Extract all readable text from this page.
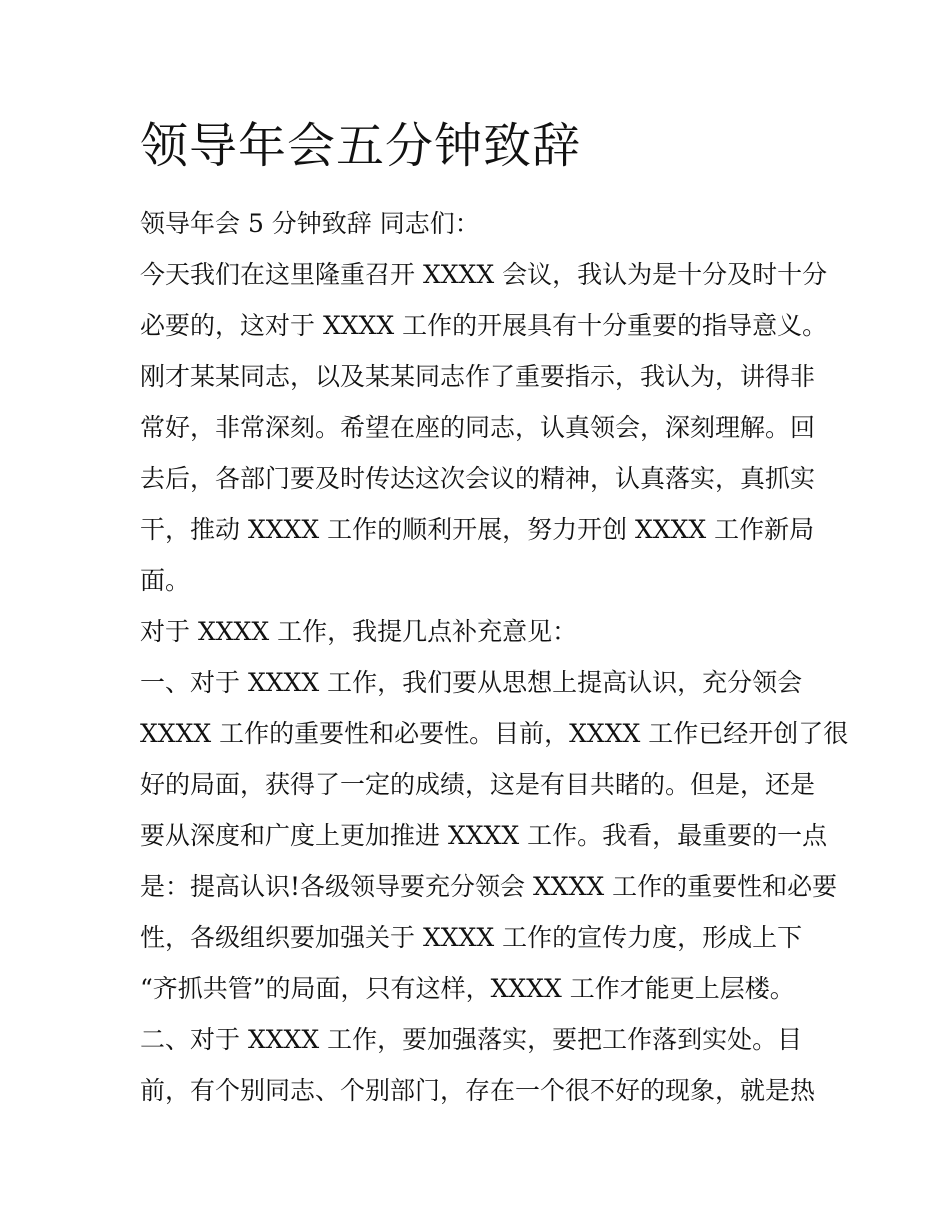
领导年会五分钟致辞

领导年会 5 分钟致辞 同志们：

今天我们在这里隆重召开 XXXX 会议，我认为是十分及时十分

必要的，这对于 XXXX 工作的开展具有十分重要的指导意义。

刚才某某同志，以及某某同志作了重要指示，我认为，讲得非

常好，非常深刻。希望在座的同志，认真领会，深刻理解。回

去后，各部门要及时传达这次会议的精神，认真落实，真抓实

干，推动 XXXX 工作的顺利开展，努力开创 XXXX 工作新局

面。

对于 XXXX 工作，我提几点补充意见：

一、对于 XXXX 工作，我们要从思想上提高认识，充分领会

XXXX 工作的重要性和必要性。目前，XXXX 工作已经开创了很

好的局面，获得了一定的成绩，这是有目共睹的。但是，还是

要从深度和广度上更加推进 XXXX 工作。我看，最重要的一点

是：提高认识!各级领导要充分领会 XXXX 工作的重要性和必要

性，各级组织要加强关于 XXXX 工作的宣传力度，形成上下

“齐抓共管”的局面，只有这样，XXXX 工作才能更上层楼。

二、对于 XXXX 工作，要加强落实，要把工作落到实处。目

前，有个别同志、个别部门，存在一个很不好的现象，就是热
